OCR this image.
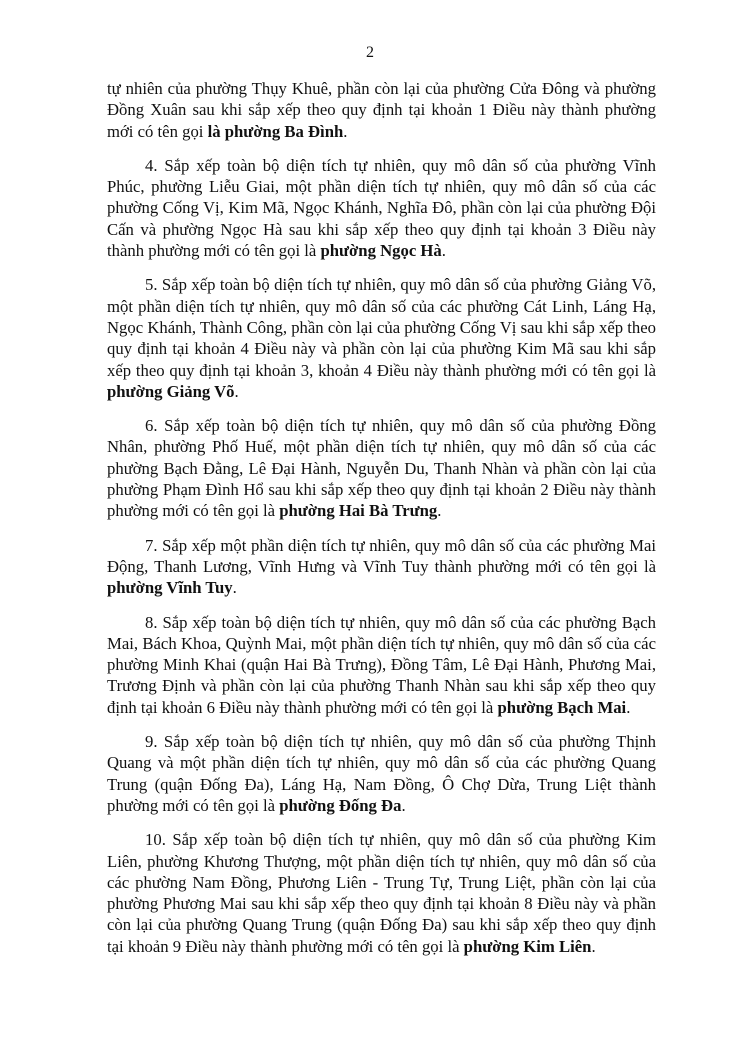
2

tự nhiên của phường Thụy Khuê, phần còn lại của phường Cửa Đông và phường Đồng Xuân sau khi sắp xếp theo quy định tại khoản 1 Điều này thành phường mới có tên gọi là phường Ba Đình.

4. Sắp xếp toàn bộ diện tích tự nhiên, quy mô dân số của phường Vĩnh Phúc, phường Liễu Giai, một phần diện tích tự nhiên, quy mô dân số của các phường Cống Vị, Kim Mã, Ngọc Khánh, Nghĩa Đô, phần còn lại của phường Đội Cấn và phường Ngọc Hà sau khi sắp xếp theo quy định tại khoản 3 Điều này thành phường mới có tên gọi là phường Ngọc Hà.

5. Sắp xếp toàn bộ diện tích tự nhiên, quy mô dân số của phường Giảng Võ, một phần diện tích tự nhiên, quy mô dân số của các phường Cát Linh, Láng Hạ, Ngọc Khánh, Thành Công, phần còn lại của phường Cống Vị sau khi sắp xếp theo quy định tại khoản 4 Điều này và phần còn lại của phường Kim Mã sau khi sắp xếp theo quy định tại khoản 3, khoản 4 Điều này thành phường mới có tên gọi là phường Giảng Võ.

6. Sắp xếp toàn bộ diện tích tự nhiên, quy mô dân số của phường Đồng Nhân, phường Phố Huế, một phần diện tích tự nhiên, quy mô dân số của các phường Bạch Đằng, Lê Đại Hành, Nguyễn Du, Thanh Nhàn và phần còn lại của phường Phạm Đình Hổ sau khi sắp xếp theo quy định tại khoản 2 Điều này thành phường mới có tên gọi là phường Hai Bà Trưng.

7. Sắp xếp một phần diện tích tự nhiên, quy mô dân số của các phường Mai Động, Thanh Lương, Vĩnh Hưng và Vĩnh Tuy thành phường mới có tên gọi là phường Vĩnh Tuy.

8. Sắp xếp toàn bộ diện tích tự nhiên, quy mô dân số của các phường Bạch Mai, Bách Khoa, Quỳnh Mai, một phần diện tích tự nhiên, quy mô dân số của các phường Minh Khai (quận Hai Bà Trưng), Đồng Tâm, Lê Đại Hành, Phương Mai, Trương Định và phần còn lại của phường Thanh Nhàn sau khi sắp xếp theo quy định tại khoản 6 Điều này thành phường mới có tên gọi là phường Bạch Mai.

9. Sắp xếp toàn bộ diện tích tự nhiên, quy mô dân số của phường Thịnh Quang và một phần diện tích tự nhiên, quy mô dân số của các phường Quang Trung (quận Đống Đa), Láng Hạ, Nam Đồng, Ô Chợ Dừa, Trung Liệt thành phường mới có tên gọi là phường Đống Đa.

10. Sắp xếp toàn bộ diện tích tự nhiên, quy mô dân số của phường Kim Liên, phường Khương Thượng, một phần diện tích tự nhiên, quy mô dân số của các phường Nam Đồng, Phương Liên - Trung Tự, Trung Liệt, phần còn lại của phường Phương Mai sau khi sắp xếp theo quy định tại khoản 8 Điều này và phần còn lại của phường Quang Trung (quận Đống Đa) sau khi sắp xếp theo quy định tại khoản 9 Điều này thành phường mới có tên gọi là phường Kim Liên.
